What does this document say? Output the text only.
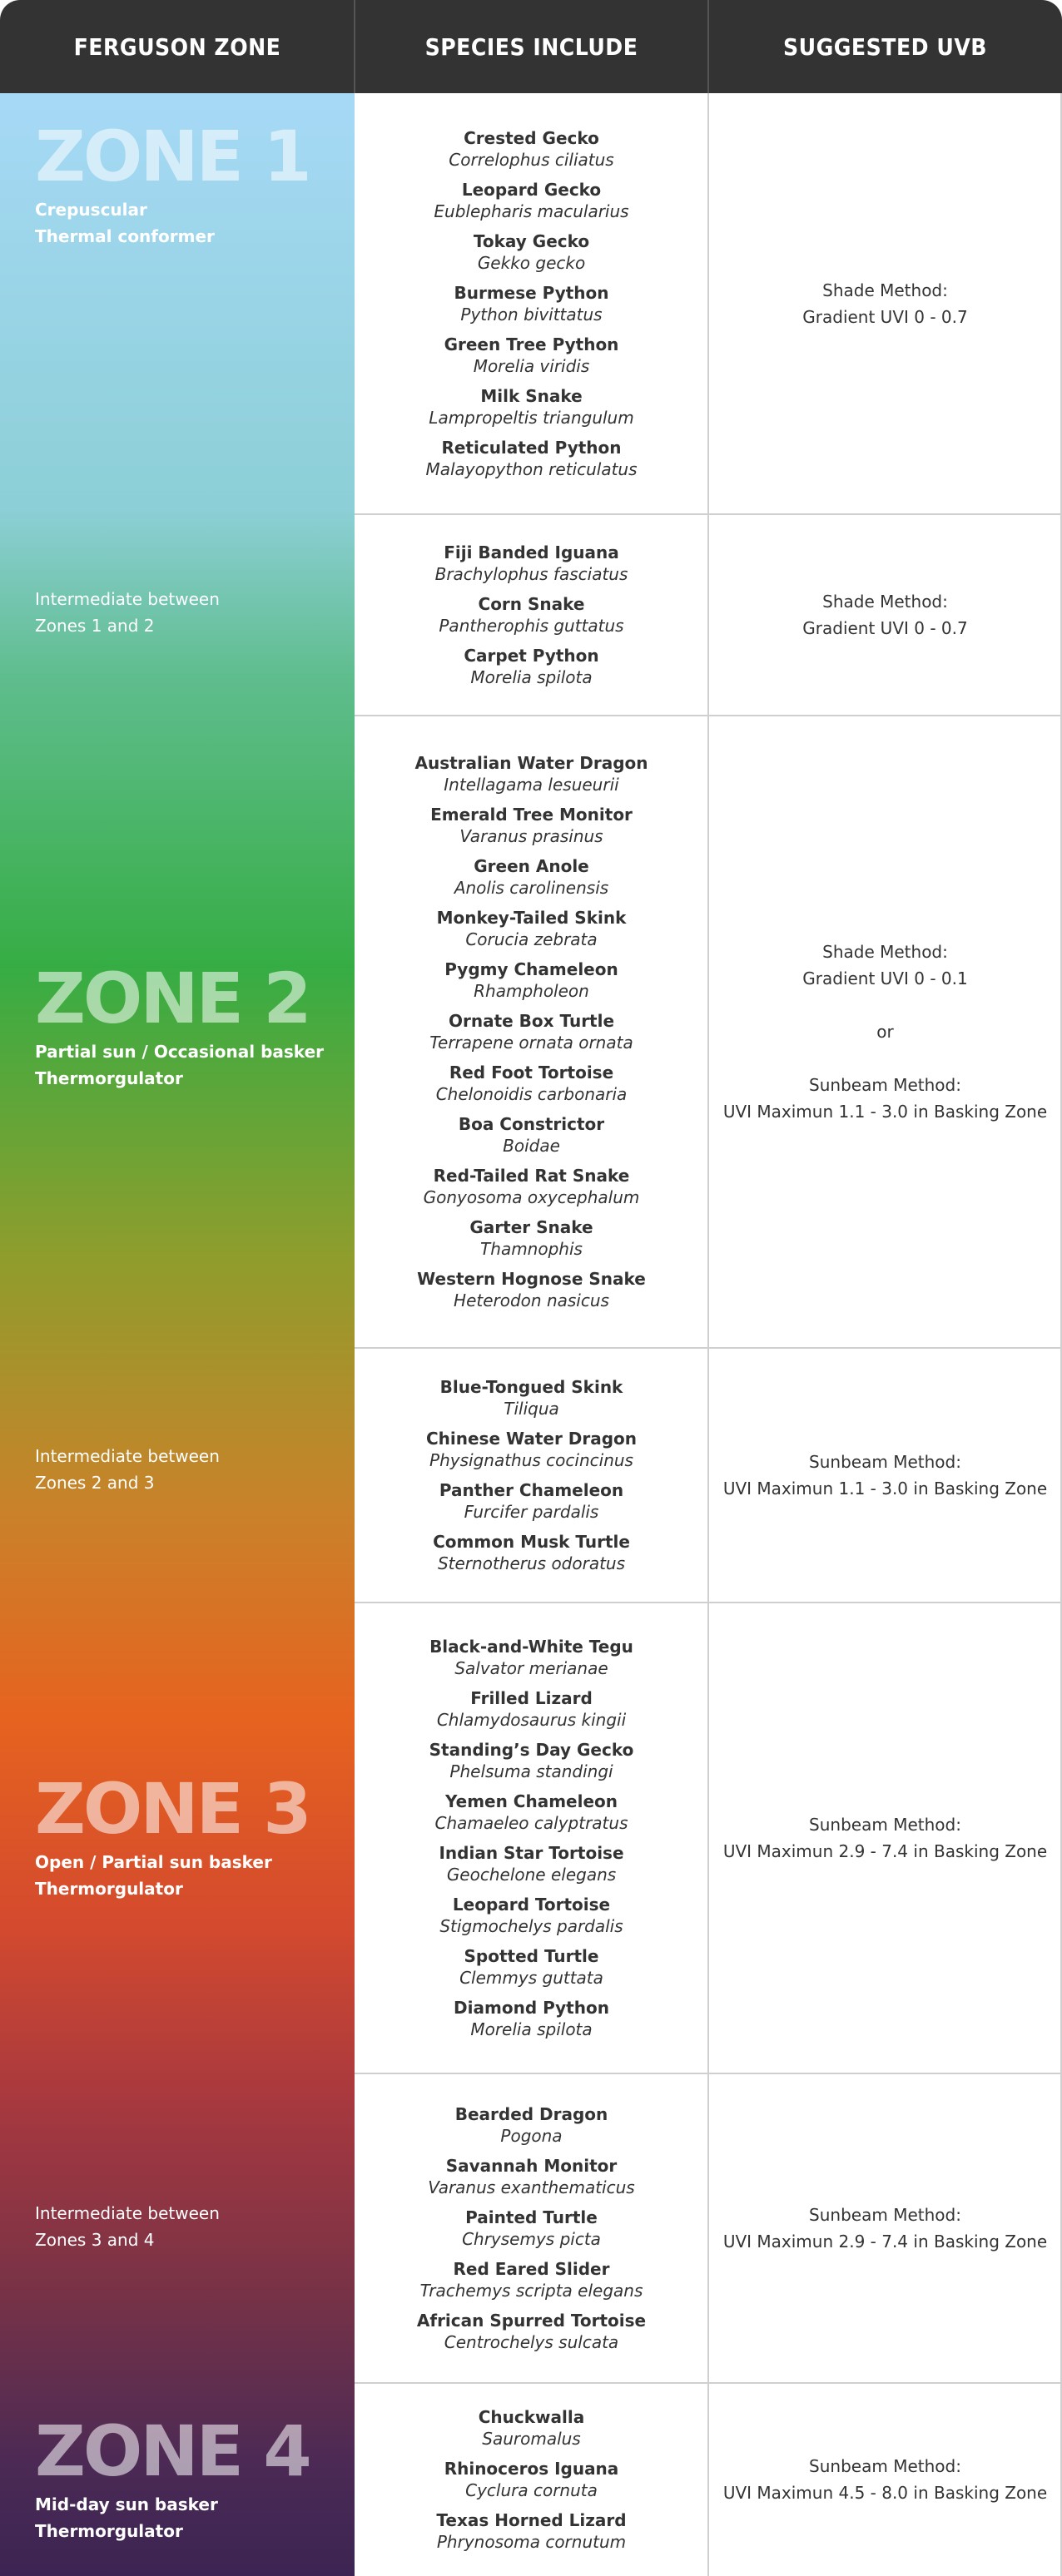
FERGUSON ZONE	SPECIES INCLUDE	SUGGESTED UVB
ZONE 1
Crepuscular
Thermal conformer
Crested Gecko
Correlophus ciliatus
Leopard Gecko
Eublepharis macularius
Tokay Gecko
Gekko gecko
Burmese Python
Python bivittatus
Green Tree Python
Morelia viridis
Milk Snake
Lampropeltis triangulum
Reticulated Python
Malayopython reticulatus
Shade Method:
Gradient UVI 0 - 0.7
Intermediate between
Zones 1 and 2
Fiji Banded Iguana
Brachylophus fasciatus
Corn Snake
Pantherophis guttatus
Carpet Python
Morelia spilota
Shade Method:
Gradient UVI 0 - 0.7
ZONE 2
Partial sun / Occasional basker
Thermorgulator
Australian Water Dragon
Intellagama lesueurii
Emerald Tree Monitor
Varanus prasinus
Green Anole
Anolis carolinensis
Monkey-Tailed Skink
Corucia zebrata
Pygmy Chameleon
Rhampholeon
Ornate Box Turtle
Terrapene ornata ornata
Red Foot Tortoise
Chelonoidis carbonaria
Boa Constrictor
Boidae
Red-Tailed Rat Snake
Gonyosoma oxycephalum
Garter Snake
Thamnophis
Western Hognose Snake
Heterodon nasicus
Shade Method:
Gradient UVI 0 - 0.1
or
Sunbeam Method:
UVI Maximun 1.1 - 3.0 in Basking Zone
Intermediate between
Zones 2 and 3
Blue-Tongued Skink
Tiliqua
Chinese Water Dragon
Physignathus cocincinus
Panther Chameleon
Furcifer pardalis
Common Musk Turtle
Sternotherus odoratus
Sunbeam Method:
UVI Maximun 1.1 - 3.0 in Basking Zone
ZONE 3
Open / Partial sun basker
Thermorgulator
Black-and-White Tegu
Salvator merianae
Frilled Lizard
Chlamydosaurus kingii
Standing’s Day Gecko
Phelsuma standingi
Yemen Chameleon
Chamaeleo calyptratus
Indian Star Tortoise
Geochelone elegans
Leopard Tortoise
Stigmochelys pardalis
Spotted Turtle
Clemmys guttata
Diamond Python
Morelia spilota
Sunbeam Method:
UVI Maximun 2.9 - 7.4 in Basking Zone
Intermediate between
Zones 3 and 4
Bearded Dragon
Pogona
Savannah Monitor
Varanus exanthematicus
Painted Turtle
Chrysemys picta
Red Eared Slider
Trachemys scripta elegans
African Spurred Tortoise
Centrochelys sulcata
Sunbeam Method:
UVI Maximun 2.9 - 7.4 in Basking Zone
ZONE 4
Mid-day sun basker
Thermorgulator
Chuckwalla
Sauromalus
Rhinoceros Iguana
Cyclura cornuta
Texas Horned Lizard
Phrynosoma cornutum
Sunbeam Method:
UVI Maximun 4.5 - 8.0 in Basking Zone
